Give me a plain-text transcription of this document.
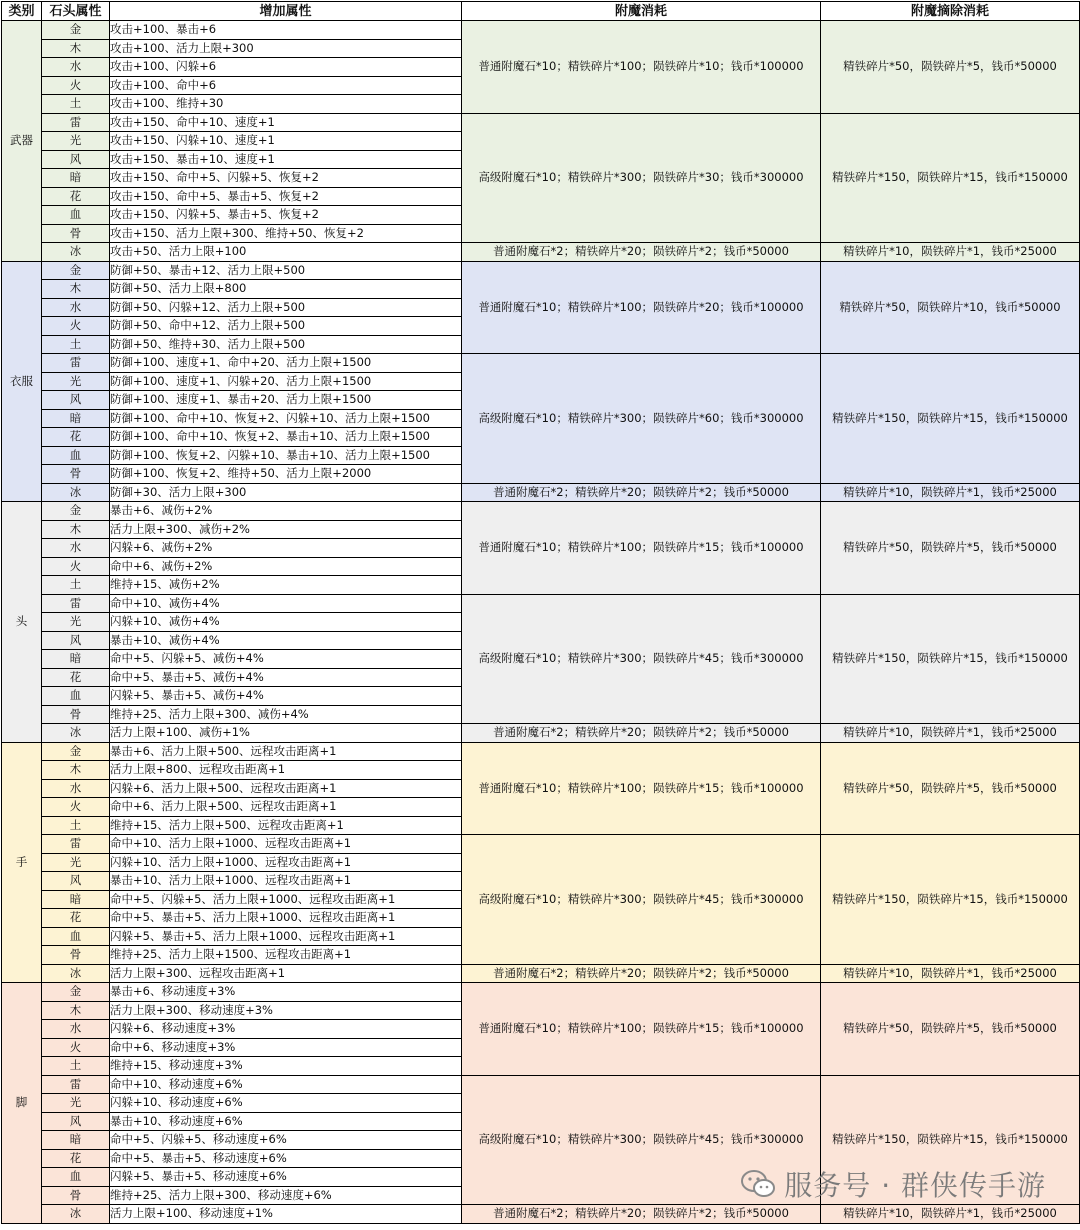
类别	石头属性	增加属性	附魔消耗	附魔摘除消耗
武器	金	攻击+100、暴击+6	普通附魔石*10；精铁碎片*100；陨铁碎片*10；钱币*100000	精铁碎片*50，陨铁碎片*5，钱币*50000
	木	攻击+100、活力上限+300		
	水	攻击+100、闪躲+6		
	火	攻击+100、命中+6		
	土	攻击+100、维持+30		
	雷	攻击+150、命中+10、速度+1	高级附魔石*10；精铁碎片*300；陨铁碎片*30；钱币*300000	精铁碎片*150，陨铁碎片*15，钱币*150000
	光	攻击+150、闪躲+10、速度+1		
	风	攻击+150、暴击+10、速度+1		
	暗	攻击+150、命中+5、闪躲+5、恢复+2		
	花	攻击+150、命中+5、暴击+5、恢复+2		
	血	攻击+150、闪躲+5、暴击+5、恢复+2		
	骨	攻击+150、活力上限+300、维持+50、恢复+2		
	冰	攻击+50、活力上限+100	普通附魔石*2；精铁碎片*20；陨铁碎片*2；钱币*50000	精铁碎片*10，陨铁碎片*1，钱币*25000
衣服	金	防御+50、暴击+12、活力上限+500	普通附魔石*10；精铁碎片*100；陨铁碎片*20；钱币*100000	精铁碎片*50，陨铁碎片*10，钱币*50000
	木	防御+50、活力上限+800		
	水	防御+50、闪躲+12、活力上限+500		
	火	防御+50、命中+12、活力上限+500		
	土	防御+50、维持+30、活力上限+500		
	雷	防御+100、速度+1、命中+20、活力上限+1500	高级附魔石*10；精铁碎片*300；陨铁碎片*60；钱币*300000	精铁碎片*150，陨铁碎片*15，钱币*150000
	光	防御+100、速度+1、闪躲+20、活力上限+1500		
	风	防御+100、速度+1、暴击+20、活力上限+1500		
	暗	防御+100、命中+10、恢复+2、闪躲+10、活力上限+1500		
	花	防御+100、命中+10、恢复+2、暴击+10、活力上限+1500		
	血	防御+100、恢复+2、闪躲+10、暴击+10、活力上限+1500		
	骨	防御+100、恢复+2、维持+50、活力上限+2000		
	冰	防御+30、活力上限+300	普通附魔石*2；精铁碎片*20；陨铁碎片*2；钱币*50000	精铁碎片*10，陨铁碎片*1，钱币*25000
头	金	暴击+6、减伤+2%	普通附魔石*10；精铁碎片*100；陨铁碎片*15；钱币*100000	精铁碎片*50，陨铁碎片*5，钱币*50000
	木	活力上限+300、减伤+2%		
	水	闪躲+6、减伤+2%		
	火	命中+6、减伤+2%		
	土	维持+15、减伤+2%		
	雷	命中+10、减伤+4%	高级附魔石*10；精铁碎片*300；陨铁碎片*45；钱币*300000	精铁碎片*150，陨铁碎片*15，钱币*150000
	光	闪躲+10、减伤+4%		
	风	暴击+10、减伤+4%		
	暗	命中+5、闪躲+5、减伤+4%		
	花	命中+5、暴击+5、减伤+4%		
	血	闪躲+5、暴击+5、减伤+4%		
	骨	维持+25、活力上限+300、减伤+4%		
	冰	活力上限+100、减伤+1%	普通附魔石*2；精铁碎片*20；陨铁碎片*2；钱币*50000	精铁碎片*10，陨铁碎片*1，钱币*25000
手	金	暴击+6、活力上限+500、远程攻击距离+1	普通附魔石*10；精铁碎片*100；陨铁碎片*15；钱币*100000	精铁碎片*50，陨铁碎片*5，钱币*50000
	木	活力上限+800、远程攻击距离+1		
	水	闪躲+6、活力上限+500、远程攻击距离+1		
	火	命中+6、活力上限+500、远程攻击距离+1		
	土	维持+15、活力上限+500、远程攻击距离+1		
	雷	命中+10、活力上限+1000、远程攻击距离+1	高级附魔石*10；精铁碎片*300；陨铁碎片*45；钱币*300000	精铁碎片*150，陨铁碎片*15，钱币*150000
	光	闪躲+10、活力上限+1000、远程攻击距离+1		
	风	暴击+10、活力上限+1000、远程攻击距离+1		
	暗	命中+5、闪躲+5、活力上限+1000、远程攻击距离+1		
	花	命中+5、暴击+5、活力上限+1000、远程攻击距离+1		
	血	闪躲+5、暴击+5、活力上限+1000、远程攻击距离+1		
	骨	维持+25、活力上限+1500、远程攻击距离+1		
	冰	活力上限+300、远程攻击距离+1	普通附魔石*2；精铁碎片*20；陨铁碎片*2；钱币*50000	精铁碎片*10，陨铁碎片*1，钱币*25000
脚	金	暴击+6、移动速度+3%	普通附魔石*10；精铁碎片*100；陨铁碎片*15；钱币*100000	精铁碎片*50，陨铁碎片*5，钱币*50000
	木	活力上限+300、移动速度+3%		
	水	闪躲+6、移动速度+3%		
	火	命中+6、移动速度+3%		
	土	维持+15、移动速度+3%		
	雷	命中+10、移动速度+6%	高级附魔石*10；精铁碎片*300；陨铁碎片*45；钱币*300000	精铁碎片*150，陨铁碎片*15，钱币*150000
	光	闪躲+10、移动速度+6%		
	风	暴击+10、移动速度+6%		
	暗	命中+5、闪躲+5、移动速度+6%		
	花	命中+5、暴击+5、移动速度+6%		
	血	闪躲+5、暴击+5、移动速度+6%		
	骨	维持+25、活力上限+300、移动速度+6%		
	冰	活力上限+100、移动速度+1%	普通附魔石*2；精铁碎片*20；陨铁碎片*2；钱币*50000	精铁碎片*10，陨铁碎片*1，钱币*25000
服务号 · 群侠传手游
